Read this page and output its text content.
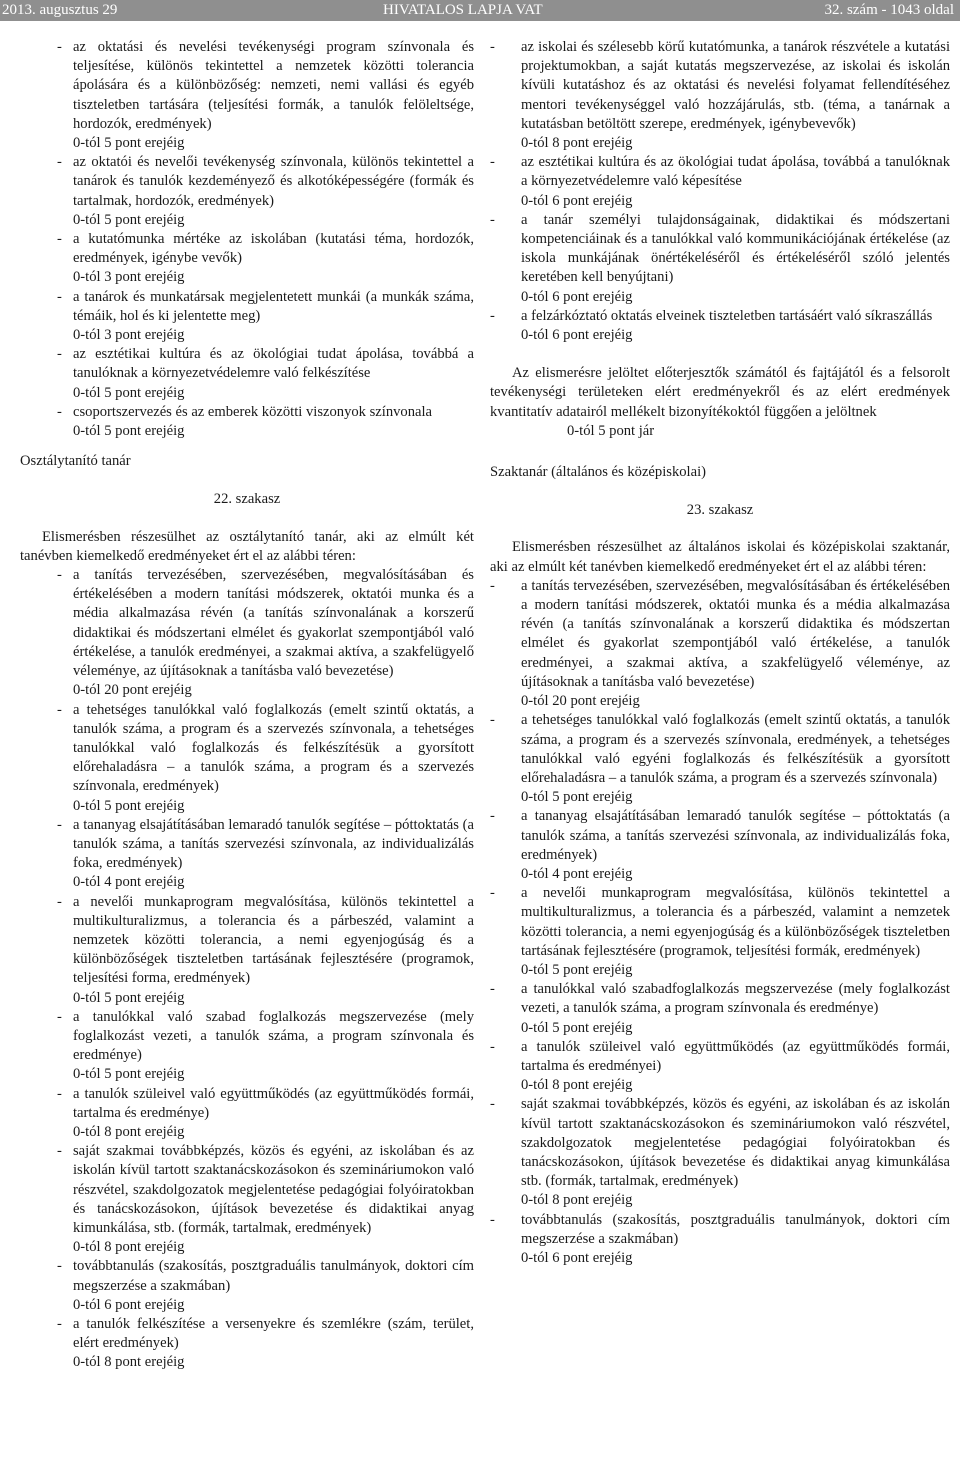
2013. augusztus 29	HIVATALOS LAPJA VAT	32. szám - 1043 oldal
- az oktatási és nevelési tevékenységi program színvonala és teljesítése, különös tekintettel a nemzetek közötti tolerancia ápolására és a különbözőség: nemzeti, nemi vallási és egyéb tiszteletben tartására (teljesítési formák, a tanulók felöleltsége, hordozók, eredmények)
0-tól 5 pont erejéig
- az oktatói és nevelői tevékenység színvonala, különös tekintettel a tanárok és tanulók kezdeményező és alkotóképességére (formák és tartalmak, hordozók, eredmények)
0-tól 5 pont erejéig
- a kutatómunka mértéke az iskolában (kutatási téma, hordozók, eredmények, igénybe vevők)
0-tól 3 pont erejéig
- a tanárok és munkatársak megjelentetett munkái (a munkák száma, témáik, hol és ki jelentette meg)
0-tól 3 pont erejéig
- az esztétikai kultúra és az ökológiai tudat ápolása, továbbá a tanulóknak a környezetvédelemre való felkészítése
0-tól 5 pont erejéig
- csoportszervezés és az emberek közötti viszonyok színvonala
0-tól 5 pont erejéig
Osztálytanító tanár
22. szakasz
Elismerésben részesülhet az osztálytanító tanár, aki az elmúlt két tanévben kiemelkedő eredményeket ért el az alábbi téren:
- a tanítás tervezésében, szervezésében, megvalósításában és értékelésében a modern tanítási módszerek, oktatói munka és a média alkalmazása révén (a tanítás színvonalának a korszerű didaktikai és módszertani elmélet és gyakorlat szempontjából való értékelése, a tanulók eredményei, a szakmai aktíva, a szakfelügyelő véleménye, az újításoknak a tanításba való bevezetése)
0-tól 20 pont erejéig
- a tehetséges tanulókkal való foglalkozás (emelt szintű oktatás, a tanulók száma, a program és a szervezés színvonala, a tehetséges tanulókkal való foglalkozás és felkészítésük a gyorsított előrehaladásra – a tanulók száma, a program és a szervezés színvonala, eredmények)
0-tól 5 pont erejéig
- a tananyag elsajátításában lemaradó tanulók segítése – póttoktatás (a tanulók száma, a tanítás szervezési színvonala, az individualizálás foka, eredmények)
0-tól 4 pont erejéig
- a nevelői munkaprogram megvalósítása, különös tekintettel a multikulturalizmus, a tolerancia és a párbeszéd, valamint a nemzetek közötti tolerancia, a nemi egyenjogúság és a különbözőségek tiszteletben tartásának fejlesztésére (programok, teljesítési forma, eredmények)
0-tól 5 pont erejéig
- a tanulókkal való szabad foglalkozás megszervezése (mely foglalkozást vezeti, a tanulók száma, a program színvonala és eredménye)
0-tól 5 pont erejéig
- a tanulók szüleivel való együttműködés (az együttműködés formái, tartalma és eredménye)
0-tól 8 pont erejéig
- saját szakmai továbbképzés, közös és egyéni, az iskolában és az iskolán kívül tartott szaktanácskozásokon és szemináriumokon való részvétel, szakdolgozatok megjelentetése pedagógiai folyóiratokban és tanácskozásokon, újítások bevezetése és didaktikai anyag kimunkálása, stb. (formák, tartalmak, eredmények)
0-tól 8 pont erejéig
- továbbtanulás (szakosítás, posztgraduális tanulmányok, doktori cím megszerzése a szakmában)
0-tól 6 pont erejéig
- a tanulók felkészítése a versenyekre és szemlékre (szám, terület, elért eredmények)
0-tól 8 pont erejéig
- az iskolai és szélesebb körű kutatómunka, a tanárok részvétele a kutatási projektumokban, a saját kutatás megszervezése, az iskolai és iskolán kívüli kutatáshoz és az oktatási és nevelési folyamat fellendítéséhez mentori tevékenységgel való hozzájárulás, stb. (téma, a tanárnak a kutatásban betöltött szerepe, eredmények, igénybevevők)
0-tól 8 pont erejéig
- az esztétikai kultúra és az ökológiai tudat ápolása, továbbá a tanulóknak a környezetvédelemre való képesítése
0-tól 6 pont erejéig
- a tanár személyi tulajdonságainak, didaktikai és módszertani kompetenciáinak és a tanulókkal való kommunikációjának értékelése (az iskola munkájának önértékeléséről és értékeléséről szóló jelentés keretében kell benyújtani)
0-tól 6 pont erejéig
- a felzárkóztató oktatás elveinek tiszteletben tartásáért való síkraszállás
0-tól 6 pont erejéig
Az elismerésre jelöltet előterjesztők számától és fajtájától és a felsorolt tevékenységi területeken elért eredményekről és az elért eredmények kvantitatív adatairól mellékelt bizonyítékoktól függően a jelöltnek
0-tól 5 pont jár
Szaktanár (általános és középiskolai)
23. szakasz
Elismerésben részesülhet az általános iskolai és középiskolai szaktanár, aki az elmúlt két tanévben kiemelkedő eredményeket ért el az alábbi téren:
- a tanítás tervezésében, szervezésében, megvalósításában és értékelésében a modern tanítási módszerek, oktatói munka és a média alkalmazása révén (a tanítás színvonalának a korszerű didaktika és módszertan elmélet és gyakorlat szempontjából való értékelése, a tanulók eredményei, a szakmai aktíva, a szakfelügyelő véleménye, az újításoknak a tanításba való bevezetése)
0-tól 20 pont erejéig
- a tehetséges tanulókkal való foglalkozás (emelt szintű oktatás, a tanulók száma, a program és a szervezés színvonala, eredmények, a tehetséges tanulókkal való egyéni foglalkozás és felkészítésük a gyorsított előrehaladásra – a tanulók száma, a program és a szervezés színvonala)
0-tól 5 pont erejéig
- a tananyag elsajátításában lemaradó tanulók segítése – póttoktatás (a tanulók száma, a tanítás szervezési színvonala, az individualizálás foka, eredmények)
0-tól 4 pont erejéig
- a nevelői munkaprogram megvalósítása, különös tekintettel a multikulturalizmus, a tolerancia és a párbeszéd, valamint a nemzetek közötti tolerancia, a nemi egyenjogúság és a különbözőségek tiszteletben tartásának fejlesztésére (programok, teljesítési formák, eredmények)
0-tól 5 pont erejéig
- a tanulókkal való szabadfoglalkozás megszervezése (mely foglalkozást vezeti, a tanulók száma, a program színvonala és eredménye)
0-tól 5 pont erejéig
- a tanulók szüleivel való együttműködés (az együttműködés formái, tartalma és eredményei)
0-tól 8 pont erejéig
- saját szakmai továbbképzés, közös és egyéni, az iskolában és az iskolán kívül tartott szaktanácskozásokon és szemináriumokon való részvétel, szakdolgozatok megjelentetése pedagógiai folyóiratokban és tanácskozásokon, újítások bevezetése és didaktikai anyag kimunkálása stb. (formák, tartalmak, eredmények)
0-tól 8 pont erejéig
- továbbtanulás (szakosítás, posztgraduális tanulmányok, doktori cím megszerzése a szakmában)
0-tól 6 pont erejéig
